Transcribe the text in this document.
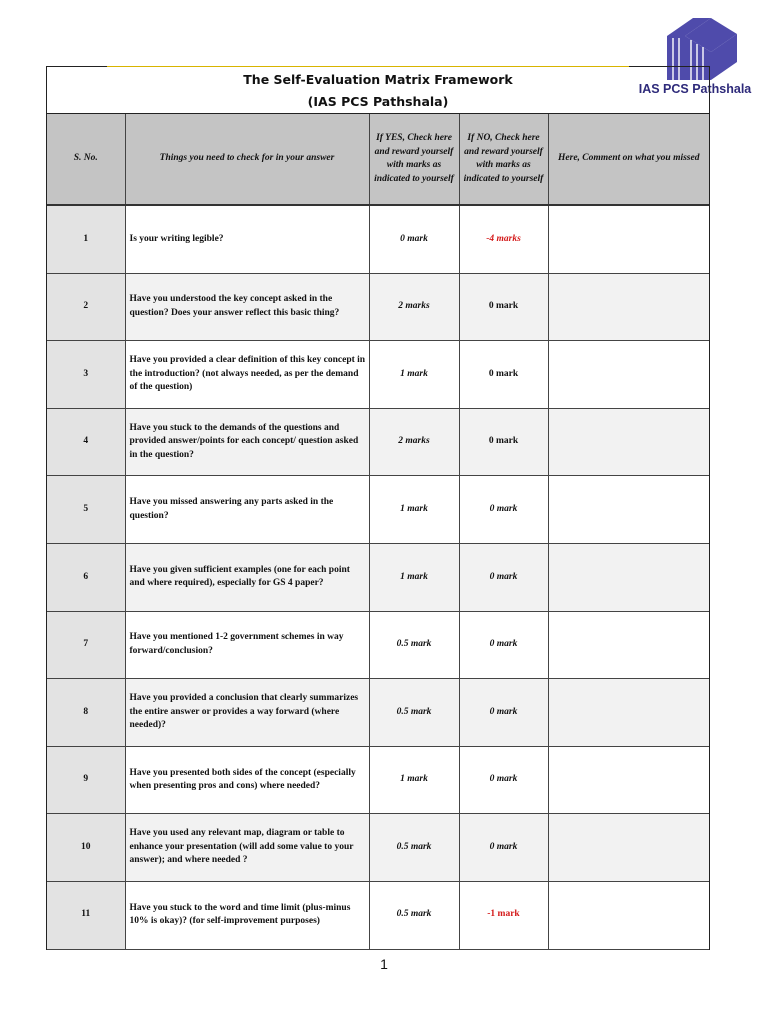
IAS PCS Pathshala
The Self-Evaluation Matrix Framework
(IAS PCS Pathshala)
S. No.	Things you need to check for in your answer	If YES, Check here and reward yourself with marks as indicated to yourself	If NO, Check here and reward yourself with marks as indicated to yourself	Here, Comment on what you missed
1	Is your writing legible?	0 mark	-4 marks	
2	Have you understood the key concept asked in the question? Does your answer reflect this basic thing?	2 marks	0 mark	
3	Have you provided a clear definition of this key concept in the introduction? (not always needed, as per the demand of the question)	1 mark	0 mark	
4	Have you stuck to the demands of the questions and provided answer/points for each concept/ question asked in the question?	2 marks	0 mark	
5	Have you missed answering any parts asked in the question?	1 mark	0 mark	
6	Have you given sufficient examples (one for each point and where required), especially for GS 4 paper?	1 mark	0 mark	
7	Have you mentioned 1-2 government schemes in way forward/conclusion?	0.5 mark	0 mark	
8	Have you provided a conclusion that clearly summarizes the entire answer or provides a way forward (where needed)?	0.5 mark	0 mark	
9	Have you presented both sides of the concept (especially when presenting pros and cons) where needed?	1 mark	0 mark	
10	Have you used any relevant map, diagram or table to enhance your presentation (will add some value to your answer); and where needed ?	0.5 mark	0 mark	
11	Have you stuck to the word and time limit (plus-minus 10% is okay)? (for self-improvement purposes)	0.5 mark	-1 mark	
1
